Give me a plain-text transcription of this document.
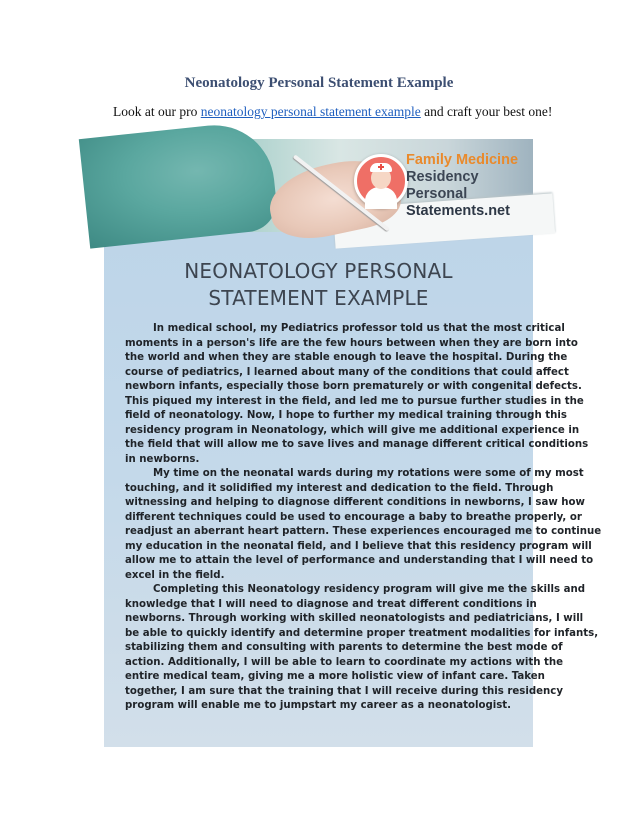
Neonatology Personal Statement Example
Look at our pro neonatology personal statement example and craft your best one!
Family Medicine
Residency
Personal
Statements.net
NEONATOLOGY PERSONAL
STATEMENT EXAMPLE

In medical school, my Pediatrics professor told us that the most critical
moments in a person's life are the few hours between when they are born into
the world and when they are stable enough to leave the hospital. During the
course of pediatrics, I learned about many of the conditions that could affect
newborn infants, especially those born prematurely or with congenital defects.
This piqued my interest in the field, and led me to pursue further studies in the
field of neonatology. Now, I hope to further my medical training through this
residency program in Neonatology, which will give me additional experience in
the field that will allow me to save lives and manage different critical conditions
in newborns.

My time on the neonatal wards during my rotations were some of my most
touching, and it solidified my interest and dedication to the field. Through
witnessing and helping to diagnose different conditions in newborns, I saw how
different techniques could be used to encourage a baby to breathe properly, or
readjust an aberrant heart pattern. These experiences encouraged me to continue
my education in the neonatal field, and I believe that this residency program will
allow me to attain the level of performance and understanding that I will need to
excel in the field.

Completing this Neonatology residency program will give me the skills and
knowledge that I will need to diagnose and treat different conditions in
newborns. Through working with skilled neonatologists and pediatricians, I will
be able to quickly identify and determine proper treatment modalities for infants,
stabilizing them and consulting with parents to determine the best mode of
action. Additionally, I will be able to learn to coordinate my actions with the
entire medical team, giving me a more holistic view of infant care. Taken
together, I am sure that the training that I will receive during this residency
program will enable me to jumpstart my career as a neonatologist.
